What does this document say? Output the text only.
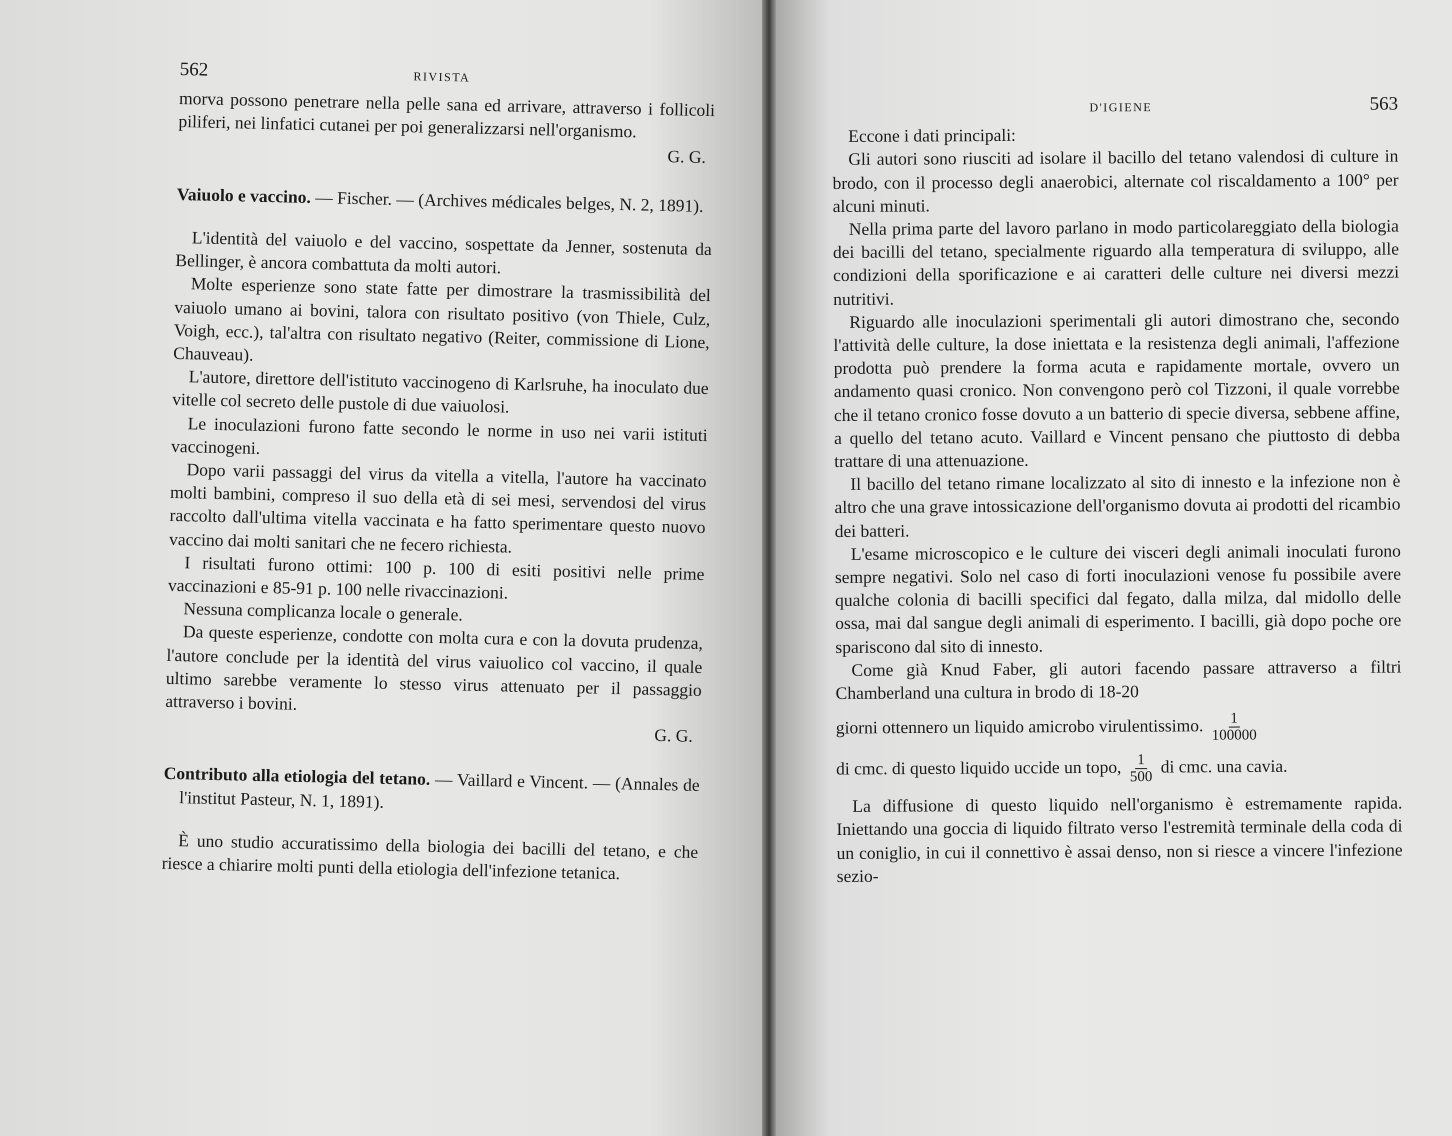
562	RIVISTA

morva possono penetrare nella pelle sana ed arrivare, attraverso i follicoli piliferi, nei linfatici cutanei per poi generalizzarsi nell'organismo.

G. G.

Vaiuolo e vaccino. — Fischer. — (Archives médicales belges, N. 2, 1891).

L'identità del vaiuolo e del vaccino, sospettate da Jenner, sostenuta da Bellinger, è ancora combattuta da molti autori.

Molte esperienze sono state fatte per dimostrare la trasmissibilità del vaiuolo umano ai bovini, talora con risultato positivo (von Thiele, Culz, Voigh, ecc.), tal'altra con risultato negativo (Reiter, commissione di Lione, Chauveau).

L'autore, direttore dell'istituto vaccinogeno di Karlsruhe, ha inoculato due vitelle col secreto delle pustole di due vaiuolosi.

Le inoculazioni furono fatte secondo le norme in uso nei varii istituti vaccinogeni.

Dopo varii passaggi del virus da vitella a vitella, l'autore ha vaccinato molti bambini, compreso il suo della età di sei mesi, servendosi del virus raccolto dall'ultima vitella vaccinata e ha fatto sperimentare questo nuovo vaccino dai molti sanitari che ne fecero richiesta.

I risultati furono ottimi: 100 p. 100 di esiti positivi nelle prime vaccinazioni e 85-91 p. 100 nelle rivaccinazioni.

Nessuna complicanza locale o generale.

Da queste esperienze, condotte con molta cura e con la dovuta prudenza, l'autore conclude per la identità del virus vaiuolico col vaccino, il quale ultimo sarebbe veramente lo stesso virus attenuato per il passaggio attraverso i bovini.

G. G.

Contributo alla etiologia del tetano. — Vaillard e Vincent. — (Annales de l'institut Pasteur, N. 1, 1891).

È uno studio accuratissimo della biologia dei bacilli del tetano, e che riesce a chiarire molti punti della etiologia dell'infezione tetanica.

D'IGIENE	563

Eccone i dati principali:

Gli autori sono riusciti ad isolare il bacillo del tetano valendosi di culture in brodo, con il processo degli anaerobici, alternate col riscaldamento a 100° per alcuni minuti.

Nella prima parte del lavoro parlano in modo particolareggiato della biologia dei bacilli del tetano, specialmente riguardo alla temperatura di sviluppo, alle condizioni della sporificazione e ai caratteri delle culture nei diversi mezzi nutritivi.

Riguardo alle inoculazioni sperimentali gli autori dimostrano che, secondo l'attività delle culture, la dose iniettata e la resistenza degli animali, l'affezione prodotta può prendere la forma acuta e rapidamente mortale, ovvero un andamento quasi cronico. Non convengono però col Tizzoni, il quale vorrebbe che il tetano cronico fosse dovuto a un batterio di specie diversa, sebbene affine, a quello del tetano acuto. Vaillard e Vincent pensano che piuttosto di debba trattare di una attenuazione.

Il bacillo del tetano rimane localizzato al sito di innesto e la infezione non è altro che una grave intossicazione dell'organismo dovuta ai prodotti del ricambio dei batteri.

L'esame microscopico e le culture dei visceri degli animali inoculati furono sempre negativi. Solo nel caso di forti inoculazioni venose fu possibile avere qualche colonia di bacilli specifici dal fegato, dalla milza, dal midollo delle ossa, mai dal sangue degli animali di esperimento. I bacilli, già dopo poche ore spariscono dal sito di innesto.

Come già Knud Faber, gli autori facendo passare attraverso a filtri Chamberland una cultura in brodo di 18-20

giorni ottennero un liquido amicrobo virulentissimo. $\frac{1}{100000}$

di cmc. di questo liquido uccide un topo, $\frac{1}{500}$ di cmc. una cavia.

La diffusione di questo liquido nell'organismo è estremamente rapida. Iniettando una goccia di liquido filtrato verso l'estremità terminale della coda di un coniglio, in cui il connettivo è assai denso, non si riesce a vincere l'infezione sezio-
